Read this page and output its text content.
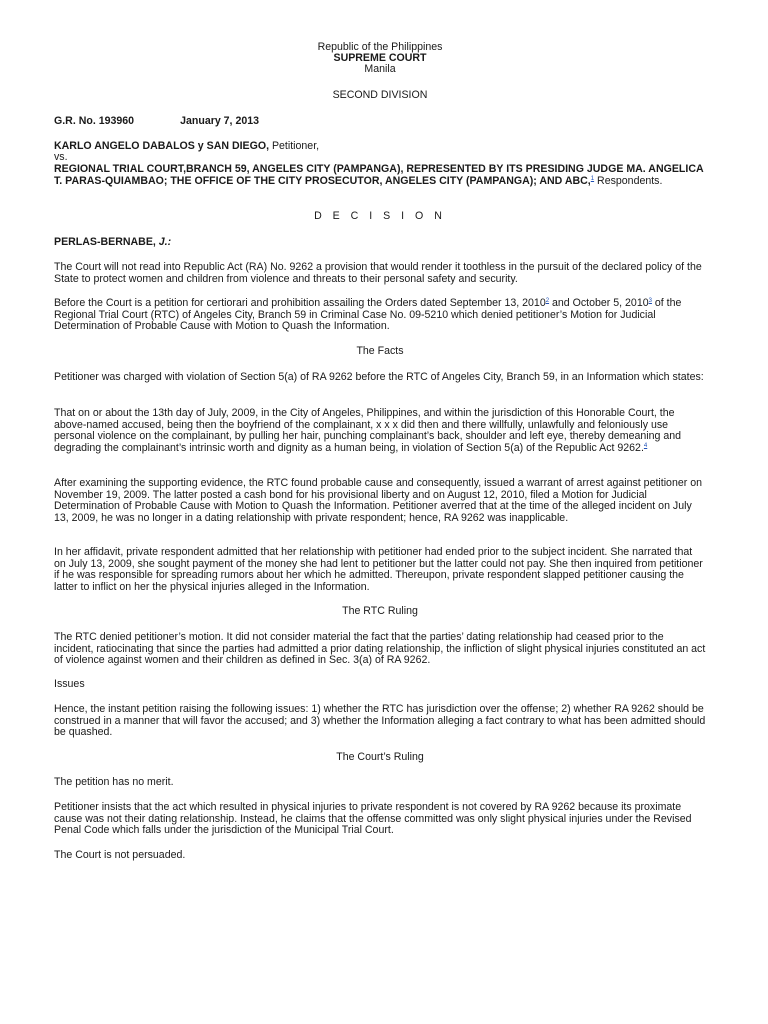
Republic of the Philippines
SUPREME COURT
Manila
SECOND DIVISION
G.R. No. 193960	January 7, 2013
KARLO ANGELO DABALOS y SAN DIEGO, Petitioner,
vs.
REGIONAL TRIAL COURT,BRANCH 59, ANGELES CITY (PAMPANGA), REPRESENTED BY ITS PRESIDING JUDGE MA. ANGELICA T. PARAS-QUIAMBAO; THE OFFICE OF THE CITY PROSECUTOR, ANGELES CITY (PAMPANGA); AND ABC,$^1$ Respondents.
D E C I S I O N
PERLAS-BERNABE, J.:

The Court will not read into Republic Act (RA) No. 9262 a provision that would render it toothless in the pursuit of the declared policy of the State to protect women and children from violence and threats to their personal safety and security.

Before the Court is a petition for certiorari and prohibition assailing the Orders dated September 13, 2010$^2$ and October 5, 2010$^3$ of the Regional Trial Court (RTC) of Angeles City, Branch 59 in Criminal Case No. 09-5210 which denied petitioner’s Motion for Judicial Determination of Probable Cause with Motion to Quash the Information.

The Facts

Petitioner was charged with violation of Section 5(a) of RA 9262 before the RTC of Angeles City, Branch 59, in an Information which states:

That on or about the 13th day of July, 2009, in the City of Angeles, Philippines, and within the jurisdiction of this Honorable Court, the above-named accused, being then the boyfriend of the complainant, x x x did then and there willfully, unlawfully and feloniously use personal violence on the complainant, by pulling her hair, punching complainant’s back, shoulder and left eye, thereby demeaning and degrading the complainant’s intrinsic worth and dignity as a human being, in violation of Section 5(a) of the Republic Act 9262.$^4$

After examining the supporting evidence, the RTC found probable cause and consequently, issued a warrant of arrest against petitioner on November 19, 2009. The latter posted a cash bond for his provisional liberty and on August 12, 2010, filed a Motion for Judicial Determination of Probable Cause with Motion to Quash the Information. Petitioner averred that at the time of the alleged incident on July 13, 2009, he was no longer in a dating relationship with private respondent; hence, RA 9262 was inapplicable.

In her affidavit, private respondent admitted that her relationship with petitioner had ended prior to the subject incident. She narrated that on July 13, 2009, she sought payment of the money she had lent to petitioner but the latter could not pay. She then inquired from petitioner if he was responsible for spreading rumors about her which he admitted. Thereupon, private respondent slapped petitioner causing the latter to inflict on her the physical injuries alleged in the Information.

The RTC Ruling

The RTC denied petitioner’s motion. It did not consider material the fact that the parties’ dating relationship had ceased prior to the incident, ratiocinating that since the parties had admitted a prior dating relationship, the infliction of slight physical injuries constituted an act of violence against women and their children as defined in Sec. 3(a) of RA 9262.

Issues

Hence, the instant petition raising the following issues: 1) whether the RTC has jurisdiction over the offense; 2) whether RA 9262 should be construed in a manner that will favor the accused; and 3) whether the Information alleging a fact contrary to what has been admitted should be quashed.

The Court’s Ruling

The petition has no merit.

Petitioner insists that the act which resulted in physical injuries to private respondent is not covered by RA 9262 because its proximate cause was not their dating relationship. Instead, he claims that the offense committed was only slight physical injuries under the Revised Penal Code which falls under the jurisdiction of the Municipal Trial Court.

The Court is not persuaded.
